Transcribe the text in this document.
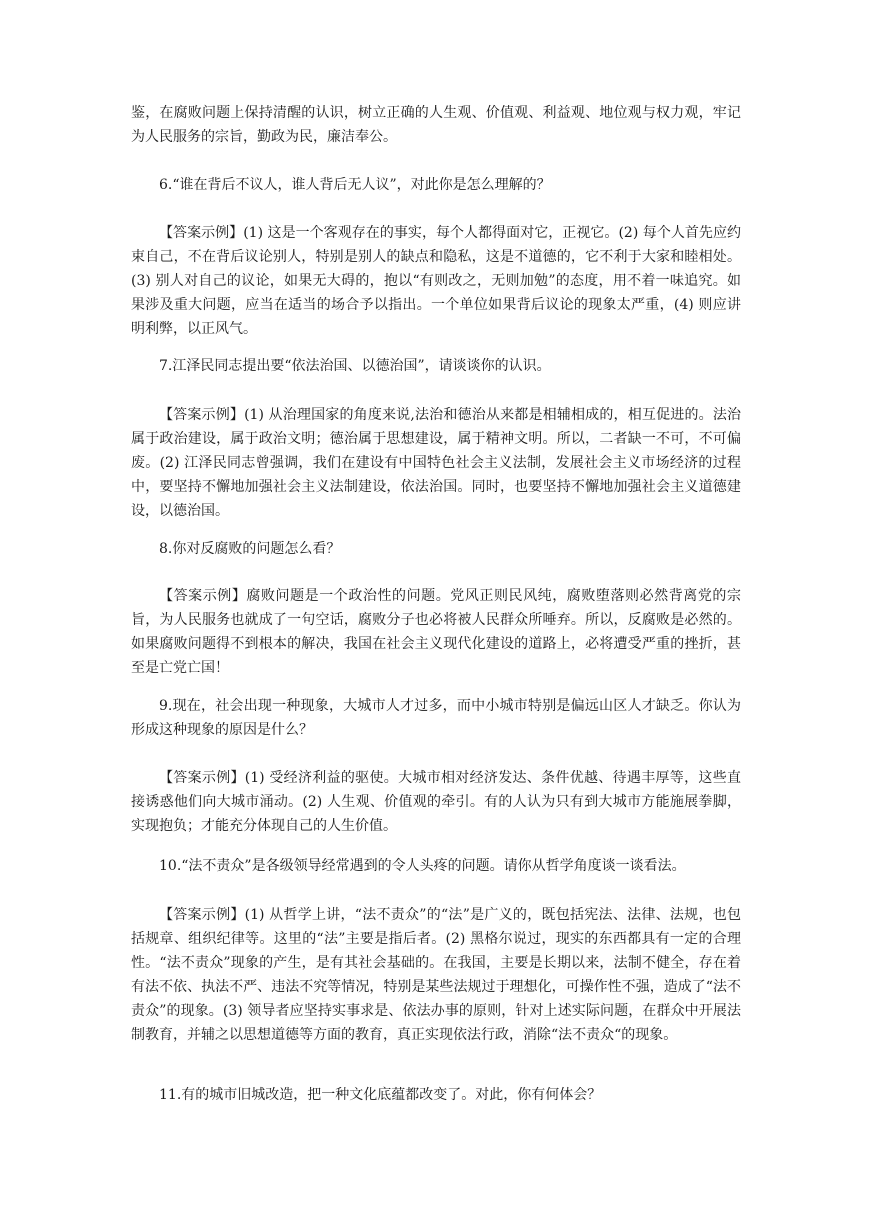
鉴，在腐败问题上保持清醒的认识，树立正确的人生观、价值观、利益观、地位观与权力观，牢记为人民服务的宗旨，勤政为民，廉洁奉公。

6.“谁在背后不议人，谁人背后无人议”，对此你是怎么理解的？

【答案示例】(1) 这是一个客观存在的事实，每个人都得面对它，正视它。(2) 每个人首先应约束自己，不在背后议论别人，特别是别人的缺点和隐私，这是不道德的，它不利于大家和睦相处。(3) 别人对自己的议论，如果无大碍的，抱以“有则改之，无则加勉”的态度，用不着一味追究。如果涉及重大问题，应当在适当的场合予以指出。一个单位如果背后议论的现象太严重，(4) 则应讲明利弊，以正风气。

7.江泽民同志提出要“依法治国、以德治国”，请谈谈你的认识。

【答案示例】(1) 从治理国家的角度来说,法治和德治从来都是相辅相成的，相互促进的。法治属于政治建设，属于政治文明；德治属于思想建设，属于精神文明。所以，二者缺一不可，不可偏废。(2) 江泽民同志曾强调，我们在建设有中国特色社会主义法制，发展社会主义市场经济的过程中，要坚持不懈地加强社会主义法制建设，依法治国。同时，也要坚持不懈地加强社会主义道德建设，以德治国。

8.你对反腐败的问题怎么看？

【答案示例】腐败问题是一个政治性的问题。党风正则民风纯，腐败堕落则必然背离党的宗旨，为人民服务也就成了一句空话，腐败分子也必将被人民群众所唾弃。所以，反腐败是必然的。如果腐败问题得不到根本的解决，我国在社会主义现代化建设的道路上，必将遭受严重的挫折，甚至是亡党亡国！

9.现在，社会出现一种现象，大城市人才过多，而中小城市特别是偏远山区人才缺乏。你认为形成这种现象的原因是什么？

【答案示例】(1) 受经济利益的驱使。大城市相对经济发达、条件优越、待遇丰厚等，这些直接诱惑他们向大城市涌动。(2) 人生观、价值观的牵引。有的人认为只有到大城市方能施展拳脚，实现抱负；才能充分体现自己的人生价值。

10.“法不责众”是各级领导经常遇到的令人头疼的问题。请你从哲学角度谈一谈看法。

【答案示例】(1) 从哲学上讲，“法不责众”的“法”是广义的，既包括宪法、法律、法规，也包括规章、组织纪律等。这里的“法”主要是指后者。(2) 黑格尔说过，现实的东西都具有一定的合理性。“法不责众”现象的产生，是有其社会基础的。在我国，主要是长期以来，法制不健全，存在着有法不依、执法不严、违法不究等情况，特别是某些法规过于理想化，可操作性不强，造成了“法不责众”的现象。(3) 领导者应坚持实事求是、依法办事的原则，针对上述实际问题，在群众中开展法制教育，并辅之以思想道德等方面的教育，真正实现依法行政，消除“法不责众“的现象。

11.有的城市旧城改造，把一种文化底蕴都改变了。对此，你有何体会？
